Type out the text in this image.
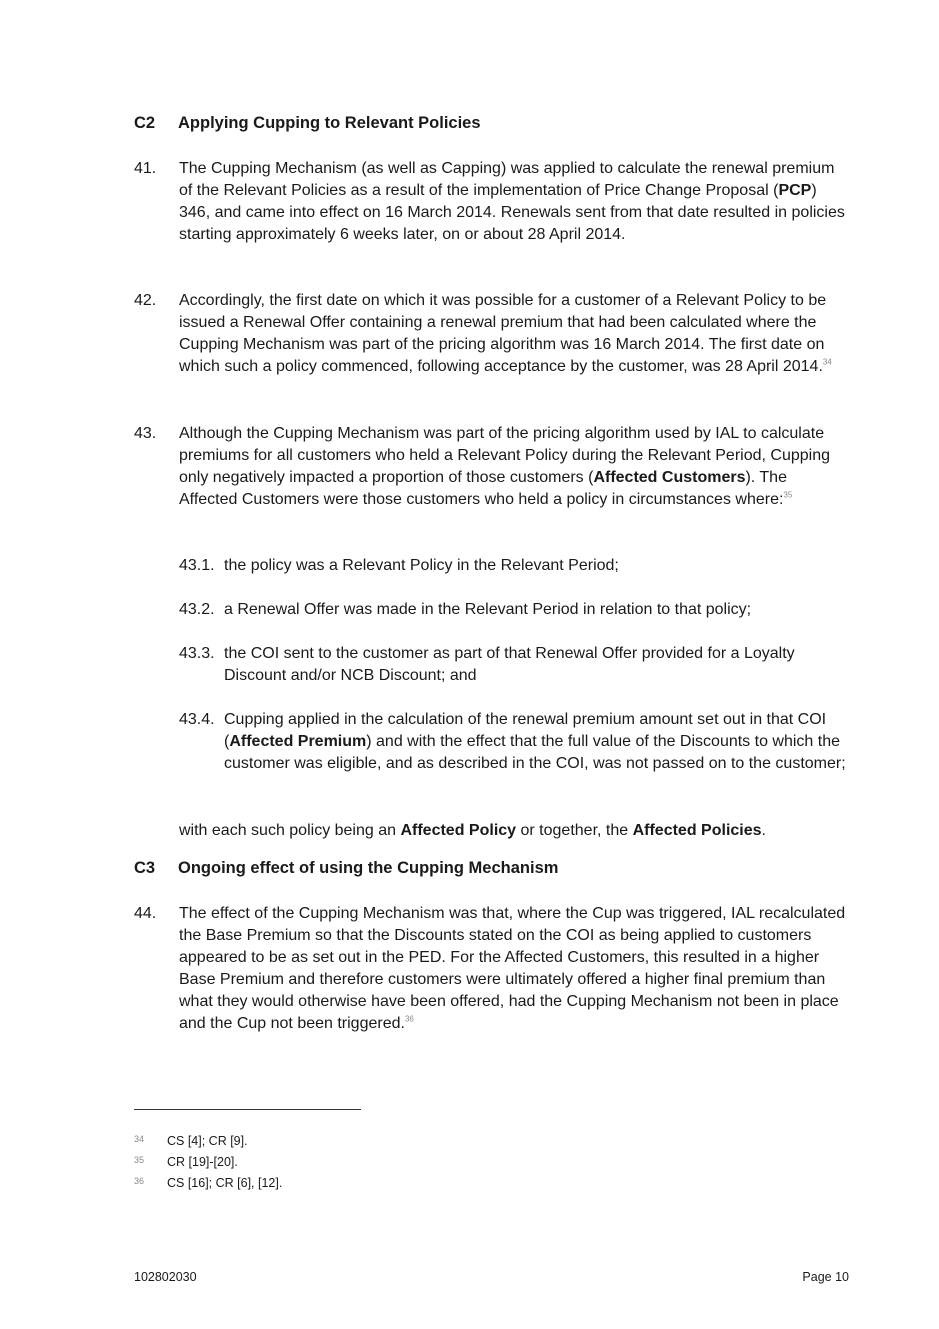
C2 Applying Cupping to Relevant Policies
41. The Cupping Mechanism (as well as Capping) was applied to calculate the renewal premium of the Relevant Policies as a result of the implementation of Price Change Proposal (PCP) 346, and came into effect on 16 March 2014. Renewals sent from that date resulted in policies starting approximately 6 weeks later, on or about 28 April 2014.
42. Accordingly, the first date on which it was possible for a customer of a Relevant Policy to be issued a Renewal Offer containing a renewal premium that had been calculated where the Cupping Mechanism was part of the pricing algorithm was 16 March 2014. The first date on which such a policy commenced, following acceptance by the customer, was 28 April 2014.34
43. Although the Cupping Mechanism was part of the pricing algorithm used by IAL to calculate premiums for all customers who held a Relevant Policy during the Relevant Period, Cupping only negatively impacted a proportion of those customers (Affected Customers). The Affected Customers were those customers who held a policy in circumstances where:$^{35}$
43.1. the policy was a Relevant Policy in the Relevant Period;
43.2. a Renewal Offer was made in the Relevant Period in relation to that policy;
43.3. the COI sent to the customer as part of that Renewal Offer provided for a Loyalty Discount and/or NCB Discount; and
43.4. Cupping applied in the calculation of the renewal premium amount set out in that COI (Affected Premium) and with the effect that the full value of the Discounts to which the customer was eligible, and as described in the COI, was not passed on to the customer;
with each such policy being an Affected Policy or together, the Affected Policies.
C3 Ongoing effect of using the Cupping Mechanism
44. The effect of the Cupping Mechanism was that, where the Cup was triggered, IAL recalculated the Base Premium so that the Discounts stated on the COI as being applied to customers appeared to be as set out in the PED. For the Affected Customers, this resulted in a higher Base Premium and therefore customers were ultimately offered a higher final premium than what they would otherwise have been offered, had the Cupping Mechanism not been in place and the Cup not been triggered.$^{36}$
34 CS [4]; CR [9].
35 CR [19]-[20].
36 CS [16]; CR [6], [12].
102802030	Page 10
